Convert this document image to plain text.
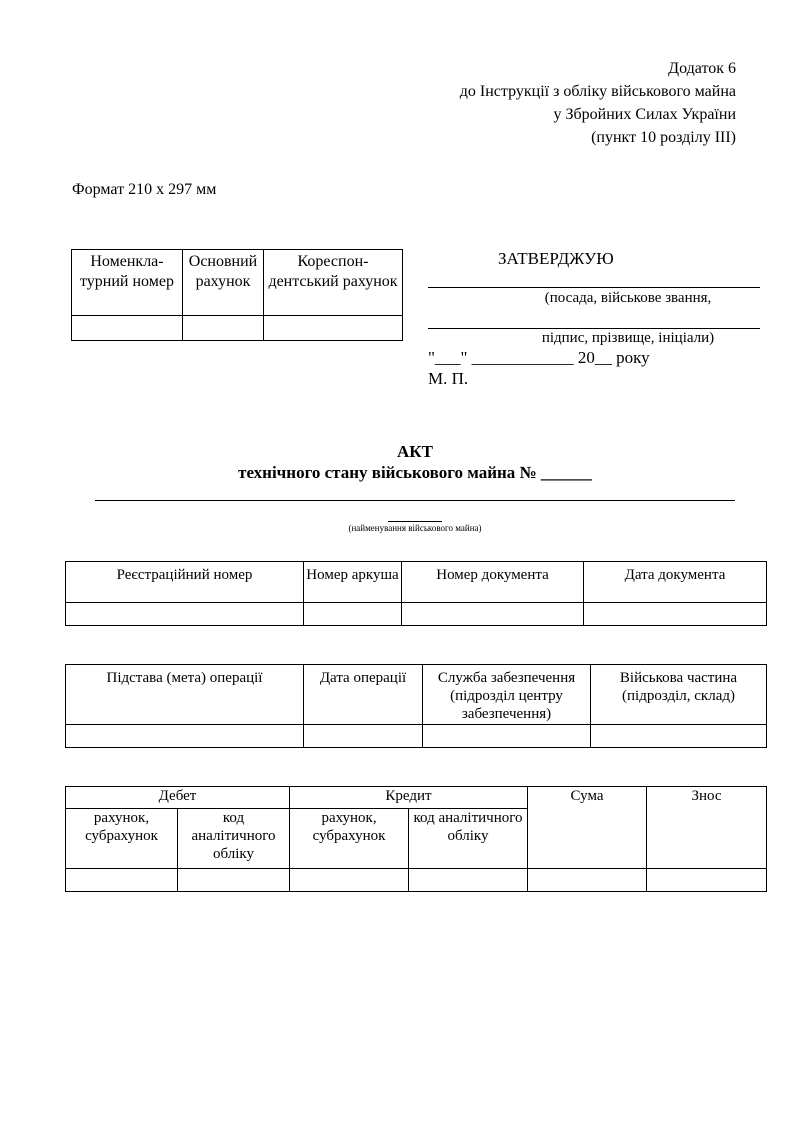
Додаток 6
до Інструкції з обліку військового майна
у Збройних Силах України
(пункт 10 розділу ІІІ)
Формат 210 х 297 мм
Номенкла-турний номер	Основний рахунок	Кореспон-дентський рахунок

ЗАТВЕРДЖУЮ
(посада, військове звання,
підпис, прізвище, ініціали)
"___" ____________ 20__ року
М. П.
АКТ
технічного стану військового майна № ______
(найменування військового майна)
Реєстраційний номер	Номер аркуша	Номер документа	Дата документа

Підстава (мета) операції	Дата операції	Служба забезпечення (підрозділ центру забезпечення)	Військова частина (підрозділ, склад)

Дебет		Кредит		Сума	Знос
рахунок, субрахунок	код аналітичного обліку	рахунок, субрахунок	код аналітичного обліку		
